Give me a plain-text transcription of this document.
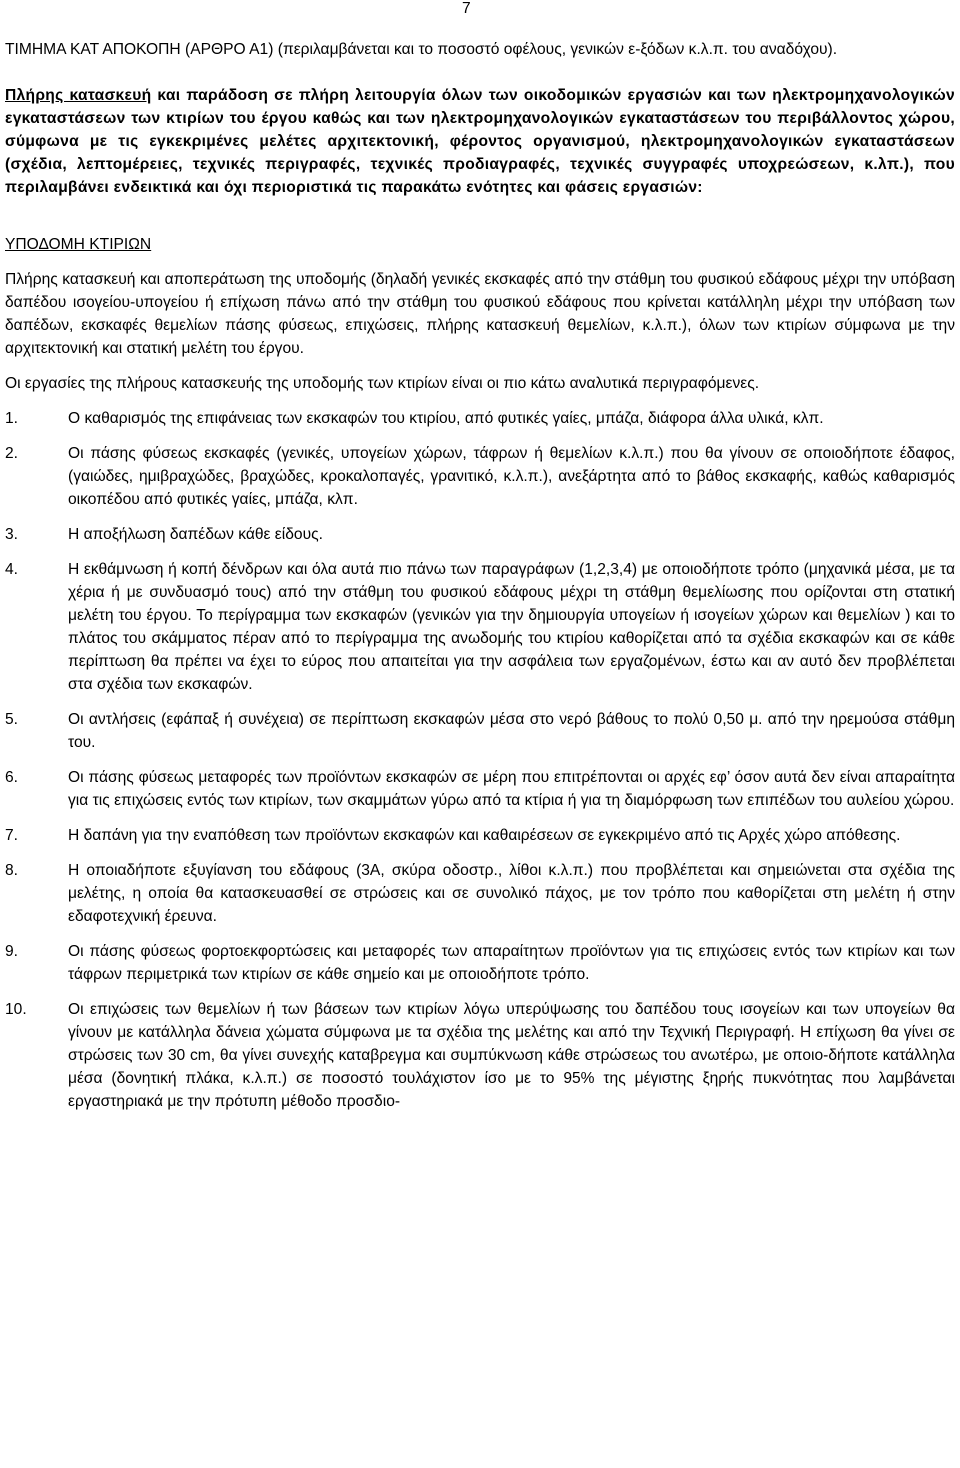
7

ΤΙΜΗΜΑ ΚΑΤ ΑΠΟΚΟΠΗ (ΑΡΘΡΟ Α1) (περιλαμβάνεται και το ποσοστό οφέλους, γενικών ε-ξόδων κ.λ.π. του αναδόχου).

Πλήρης κατασκευή και παράδοση σε πλήρη λειτουργία όλων των οικοδομικών εργασιών και των ηλεκτρομηχανολογικών εγκαταστάσεων των κτιρίων του έργου καθώς και των ηλεκτρομηχανολογικών εγκαταστάσεων του περιβάλλοντος χώρου, σύμφωνα με τις εγκεκριμένες μελέτες αρχιτεκτονική, φέροντος οργανισμού, ηλεκτρομηχανολογικών εγκαταστάσεων (σχέδια, λεπτομέρειες, τεχνικές περιγραφές, τεχνικές προδιαγραφές, τεχνικές συγγραφές υποχρεώσεων, κ.λπ.), που περιλαμβάνει ενδεικτικά και όχι περιοριστικά τις παρακάτω ενότητες και φάσεις εργασιών:

ΥΠΟΔΟΜΗ ΚΤΙΡΙΩΝ

Πλήρης κατασκευή και αποπεράτωση της υποδομής (δηλαδή γενικές εκσκαφές από την στάθμη του φυσικού εδάφους μέχρι την υπόβαση δαπέδου ισογείου-υπογείου ή επίχωση πάνω από την στάθμη του φυσικού εδάφους που κρίνεται κατάλληλη μέχρι την υπόβαση των δαπέδων, εκσκαφές θεμελίων πάσης φύσεως, επιχώσεις, πλήρης κατασκευή θεμελίων, κ.λ.π.), όλων των κτιρίων σύμφωνα με την αρχιτεκτονική και στατική μελέτη του έργου.

Οι εργασίες της πλήρους κατασκευής της υποδομής των κτιρίων είναι οι πιο κάτω αναλυτικά περιγραφόμενες.

1.	Ο καθαρισμός της επιφάνειας των εκσκαφών του κτιρίου, από φυτικές γαίες, μπάζα, διάφορα άλλα υλικά, κλπ.
2.	Οι πάσης φύσεως εκσκαφές (γενικές, υπογείων χώρων, τάφρων ή θεμελίων κ.λ.π.) που θα γίνουν σε οποιοδήποτε έδαφος, (γαιώδες, ημιβραχώδες, βραχώδες, κροκαλοπαγές, γρανιτικό, κ.λ.π.), ανεξάρτητα από το βάθος εκσκαφής, καθώς καθαρισμός οικοπέδου από φυτικές γαίες, μπάζα, κλπ.
3.	Η αποξήλωση δαπέδων κάθε είδους.
4.	Η εκθάμνωση ή κοπή δένδρων και όλα αυτά πιο πάνω των παραγράφων (1,2,3,4) με οποιοδήποτε τρόπο (μηχανικά μέσα, με τα χέρια ή με συνδυασμό τους) από την στάθμη του φυσικού εδάφους μέχρι τη στάθμη θεμελίωσης που ορίζονται στη στατική μελέτη του έργου. Το περίγραμμα των εκσκαφών (γενικών για την δημιουργία υπογείων ή ισογείων χώρων και θεμελίων ) και το πλάτος του σκάμματος πέραν από το περίγραμμα της ανωδομής του κτιρίου καθορίζεται από τα σχέδια εκσκαφών και σε κάθε περίπτωση θα πρέπει να έχει το εύρος που απαιτείται για την ασφάλεια των εργαζομένων, έστω και αν αυτό δεν προβλέπεται στα σχέδια των εκσκαφών.
5.	Οι αντλήσεις (εφάπαξ ή συνέχεια) σε περίπτωση εκσκαφών μέσα στο νερό βάθους το πολύ 0,50 μ. από την ηρεμούσα στάθμη του.
6.	Οι πάσης φύσεως μεταφορές των προϊόντων εκσκαφών σε μέρη που επιτρέπονται οι αρχές εφ’ όσον αυτά δεν είναι απαραίτητα για τις επιχώσεις εντός των κτιρίων, των σκαμμάτων γύρω από τα κτίρια ή για τη διαμόρφωση των επιπέδων του αυλείου χώρου.
7.	Η δαπάνη για την εναπόθεση των προϊόντων εκσκαφών και καθαιρέσεων σε εγκεκριμένο από τις Αρχές χώρο απόθεσης.
8.	Η οποιαδήποτε εξυγίανση του εδάφους (3Α, σκύρα οδοστρ., λίθοι κ.λ.π.) που προβλέπεται και σημειώνεται στα σχέδια της μελέτης, η οποία θα κατασκευασθεί σε στρώσεις και σε συνολικό πάχος, με τον τρόπο που καθορίζεται στη μελέτη ή στην εδαφοτεχνική έρευνα.
9.	Οι πάσης φύσεως φορτοεκφορτώσεις και μεταφορές των απαραίτητων προϊόντων για τις επιχώσεις εντός των κτιρίων και των τάφρων περιμετρικά των κτιρίων σε κάθε σημείο και με οποιοδήποτε τρόπο.
10.	Οι επιχώσεις των θεμελίων ή των βάσεων των κτιρίων λόγω υπερύψωσης του δαπέδου τους ισογείων και των υπογείων θα γίνουν με κατάλληλα δάνεια χώματα σύμφωνα με τα σχέδια της μελέτης και από την Τεχνική Περιγραφή. Η επίχωση θα γίνει σε στρώσεις των 30 cm, θα γίνει συνεχής καταβρεγμα και συμπύκνωση κάθε στρώσεως του ανωτέρω, με οποιο-δήποτε κατάλληλα μέσα (δονητική πλάκα, κ.λ.π.) σε ποσοστό τουλάχιστον ίσο με το 95% της μέγιστης ξηρής πυκνότητας που λαμβάνεται εργαστηριακά με την πρότυπη μέθοδο προσδιο-
